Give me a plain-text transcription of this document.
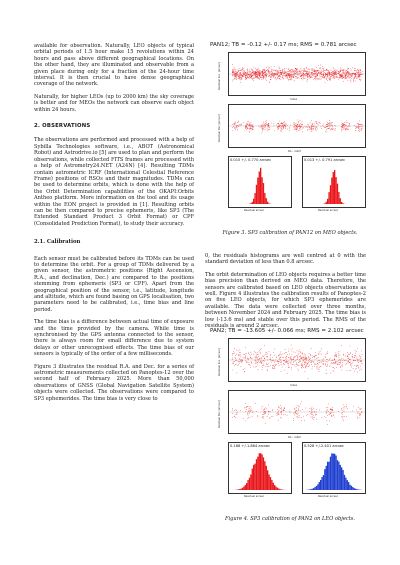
available for observation. Naturally, LEO objects of typical orbital periods of 1.5 hour make 15 revolutions within 24 hours and pass above different geographical locations. On the other hand, they are illuminated and observable from a given place during only for a fraction of the 24-hour time interval. It is then crucial to have dense geographical coverage of the network.

Naturally, for higher LEOs (up to 2000 km) the sky coverage is better and for MEOs the network can observe each object within 24 hours.

2. OBSERVATIONS

The observations are performed and processed with a help of Sybilla Technologies software, i.e., ABOT (Astronomical Robot) and Astrodrive.io [5] are used to plan and perform the observations, while collected FITS frames are processed with a help of Astrometry24.NET (A24N) [4]. Resulting TDMs contain astrometric ICRF (International Celestial Reference Frame) positions of RSOs and their magnitudes. TDMs can be used to determine orbits, which is done with the help of the Orbit Determination capabilities of the OKAPI:Orbits Antheo platform. More information on the tool and its usage within the EON project is provided in [1]. Resulting orbits can be then compared to precise ephemeris, like SP3 (The Extended Standard Product 3 Orbit Format) or CPF (Consolidated Prediction Format), to study their accuracy.

2.1. Calibration

Each sensor must be calibrated before its TDMs can be used to determine the orbit. For a group of TDMs delivered by a given sensor, the astrometric positions (Right Ascension, R.A., and declination, Dec.) are compared to the positions stemming from ephemeris (SP3 or CPF). Apart from the geographical position of the sensor, i.e., latitude, longitude and altitude, which are found basing on GPS localisation, two parameters need to be calibrated, i.e., time bias and line period.

The time bias is a difference between actual time of exposure and the time provided by the camera. While time is synchronised by the GPS antenna connected to the sensor, there is always room for small difference due to system delays or other unrecognised effects. The time bias of our sensors is typically of the order of a few milliseconds.

Figure 3 illustrates the residual R.A. and Dec. for a series of astrometric measurements collected on Panoptes-12 over the second half of February 2025. More than 50,000 observations of GNSS (Global Navigation Satellite System) objects were collected. The observations were compared to SP3 ephemerides. The time bias is very close to

PAN12; TB = -0.12 +/- 0.17 ms; RMS = 0.781 arcsec
Residual R.A. [arcsec]
Index
Residual Dec [arcsec]
RA - ra0/2
0.015 +/- 0.770 arcsec	0.013 +/- 0.791 arcsec
Residual arcsec	Residual arcsec
Figure 3. SP3 calibration of PAN12 on MEO objects.

0, the residuals histograms are well centred at 0 with the standard deviation of less than 0.8 arcsec.

The orbit determination of LEO objects requires a better time bias precision than derived on MEO data. Therefore, the sensors are calibrated based on LEO objects observations as well. Figure 4 illustrates the calibration results of Panoptes-2 on five LEO objects, for which SP3 ephemerides are available. The data were collected over three months, between November 2024 and February 2025. The time bias is low (-13.6 ms) and stable over this period. The RMS of the residuals is around 2 arcsec.

PAN2; TB = -13.605 +/- 0.066 ms; RMS = 2.102 arcsec
Residual R.A. [arcsec]
Index
Residual Dec [arcsec]
RA - ra0/2
0.168 +/-1.864 arcsec	0.528 +/-2.401 arcsec
Residual arcsec	Residual arcsec
Figure 4. SP3 calibration of PAN2 on LEO objects.
